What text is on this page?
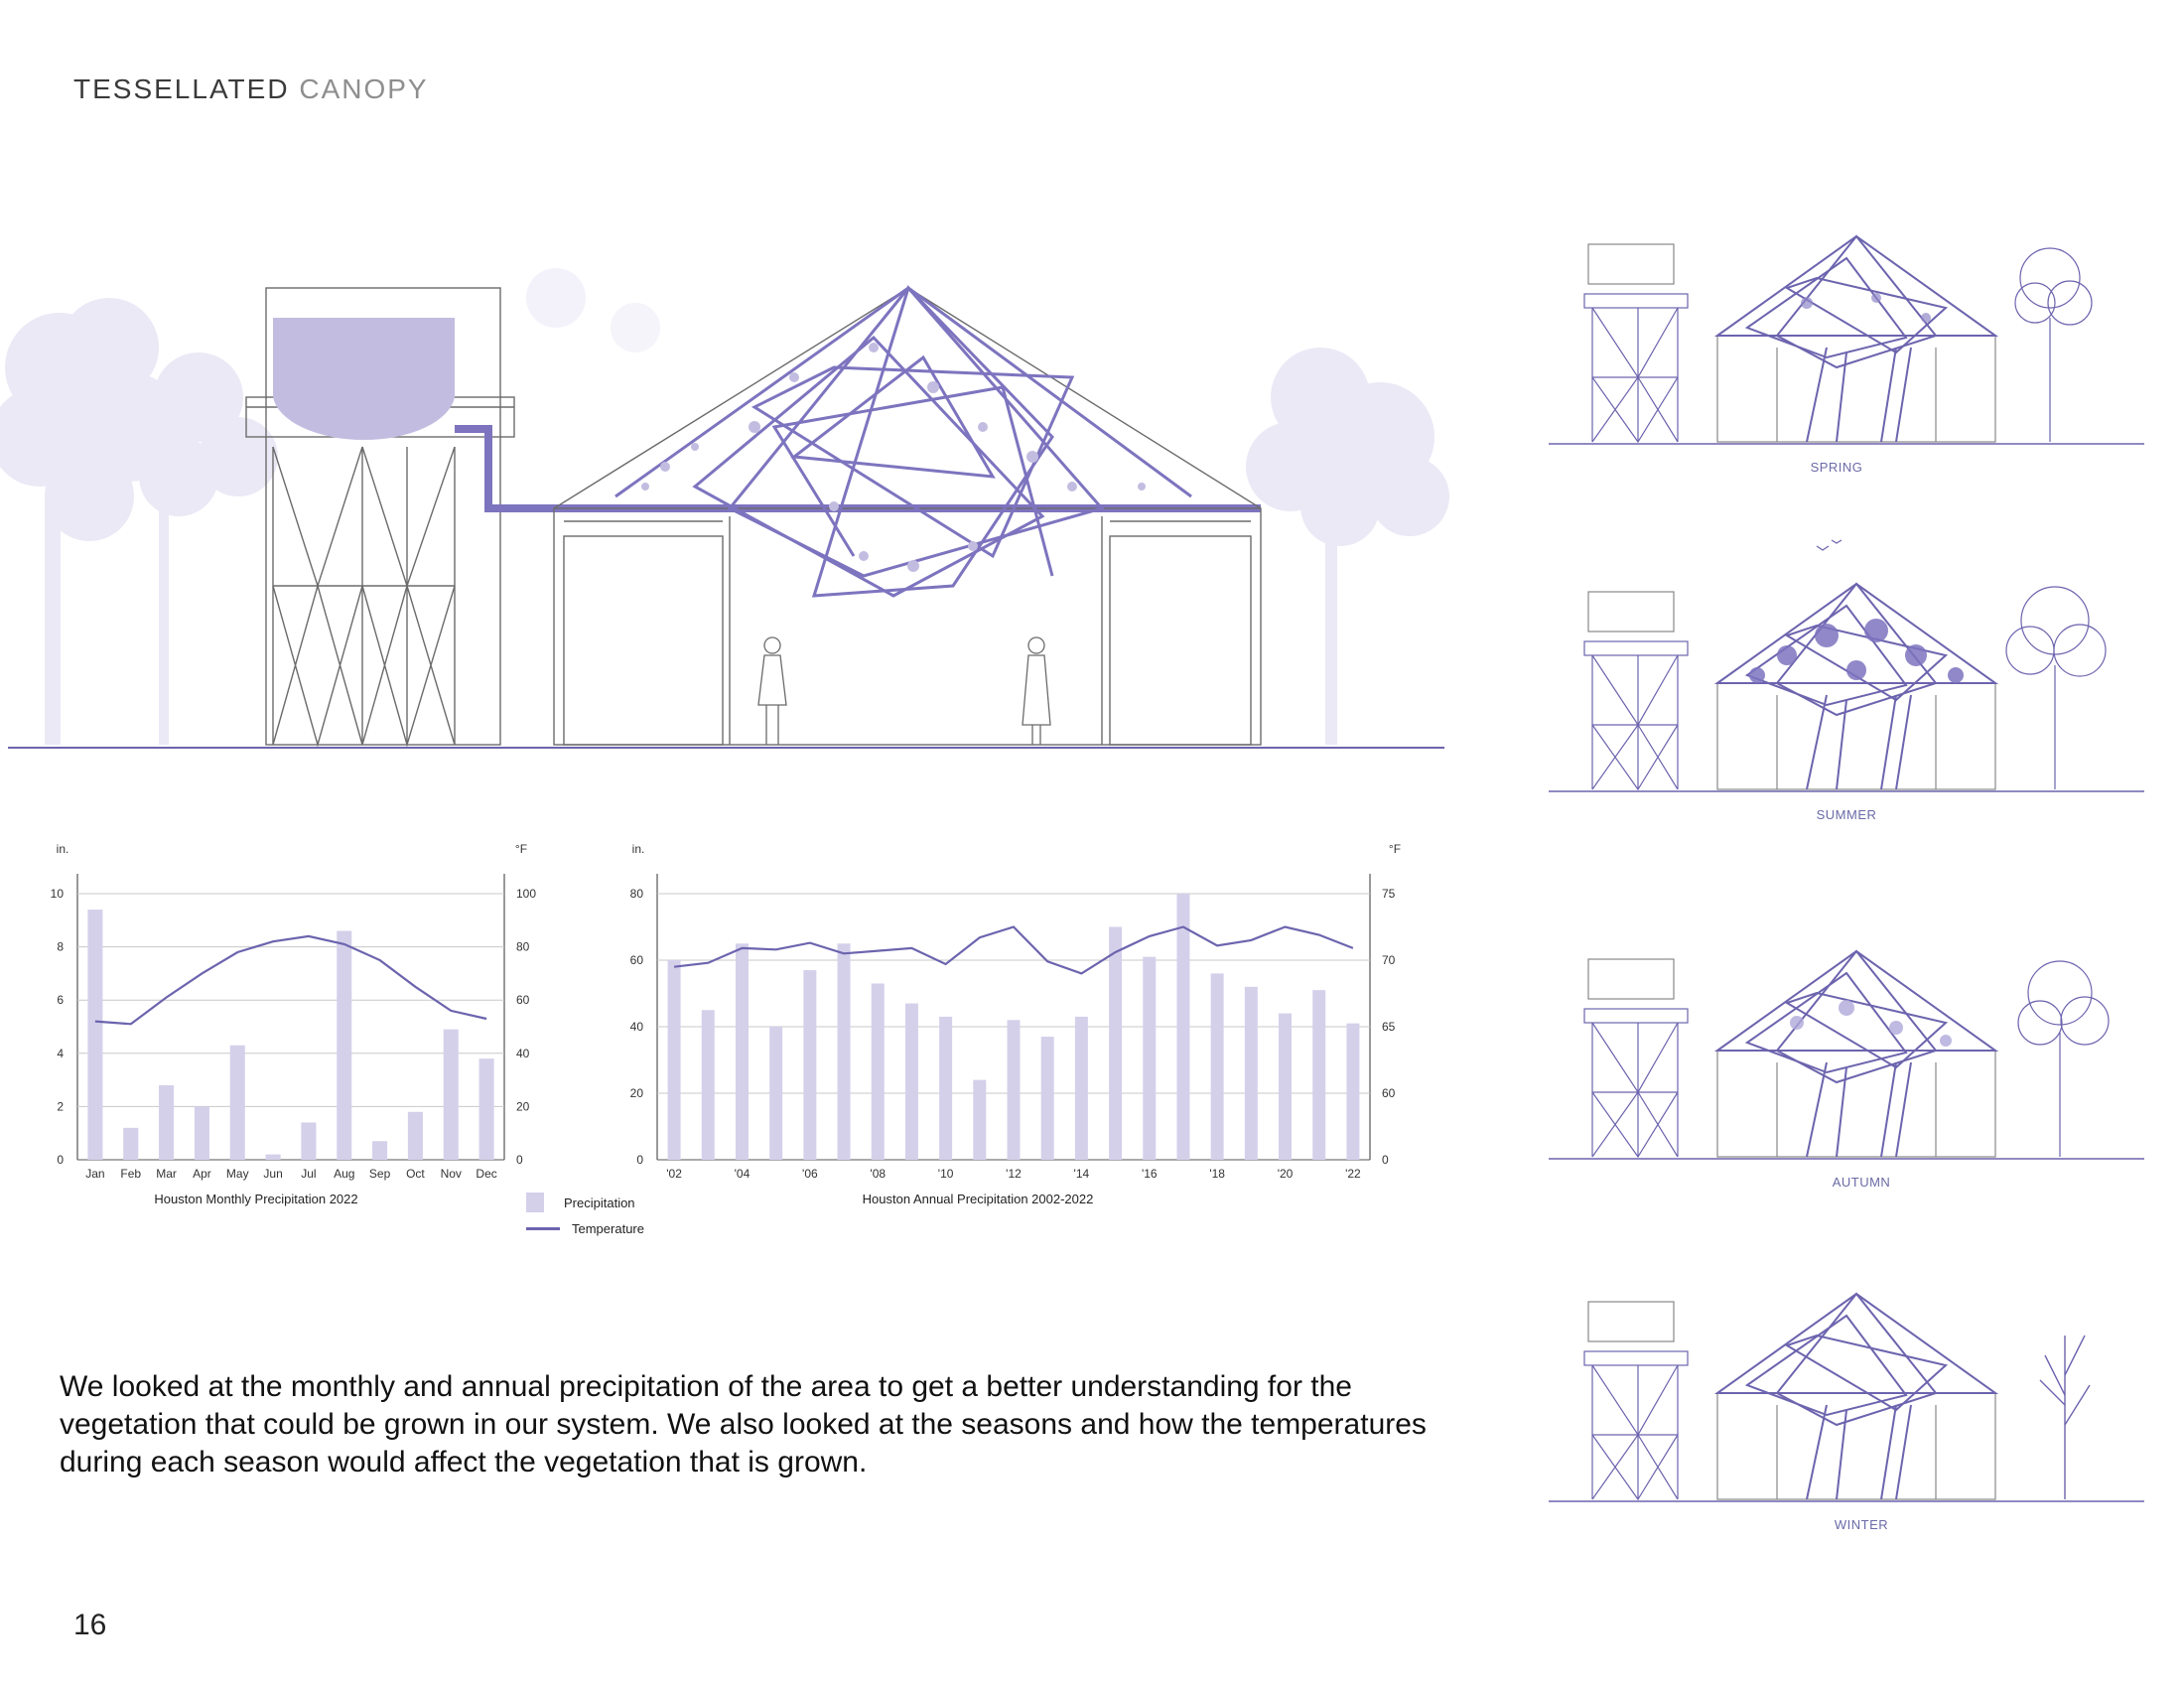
TESSELLATED CANOPY
in.	°F
0	0
2	20
4	40
6	60
8	80
10	100
Jan Feb Mar Apr May Jun Jul Aug Sep Oct Nov Dec
Houston Monthly Precipitation 2022
in.	°F
0	0
20	60
40	65
60	70
80	75
'02	'04	'06	'08	'10	'12	'14	'16	'18	'20	'22
Houston Annual Precipitation 2002-2022
Precipitation
Temperature
We looked at the monthly and annual precipitation of the area to get a better understanding for the vegetation that could be grown in our system. We also looked at the seasons and how the temperatures during each season would affect the vegetation that is grown.
SPRING
SUMMER
AUTUMN
WINTER
16
